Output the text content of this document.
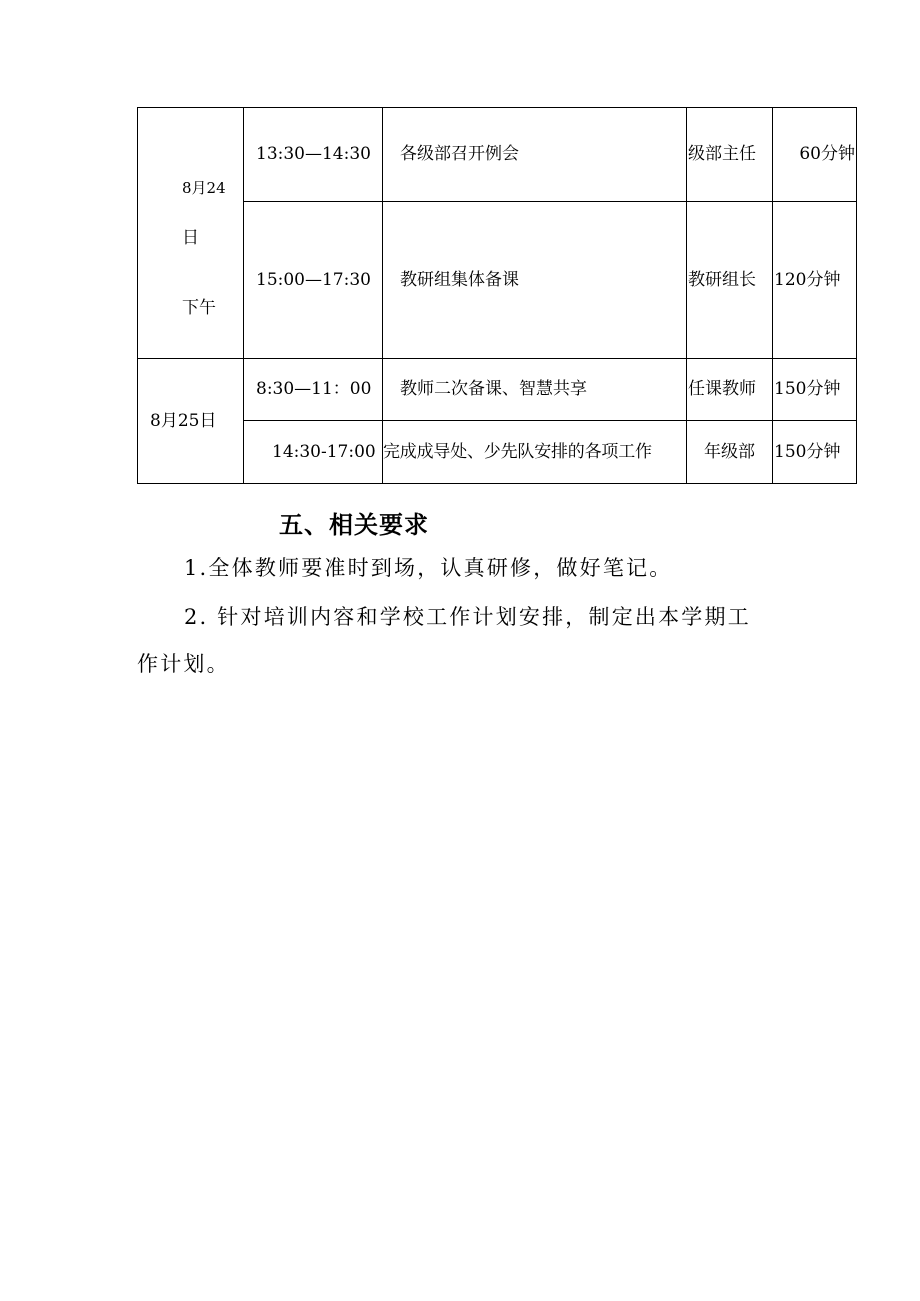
8月24
日
下午	13:30—14:30	各级部召开例会	级部主任	60分钟
	15:00—17:30	教研组集体备课	教研组长	120分钟
8月25日	8:30—11：00	教师二次备课、智慧共享	任课教师	150分钟
	14:30-17:00	完成成导处、少先队安排的各项工作	年级部	150分钟
五、相关要求

1.全体教师要准时到场，认真研修，做好笔记。

2. 针对培训内容和学校工作计划安排，制定出本学期工

作计划。
